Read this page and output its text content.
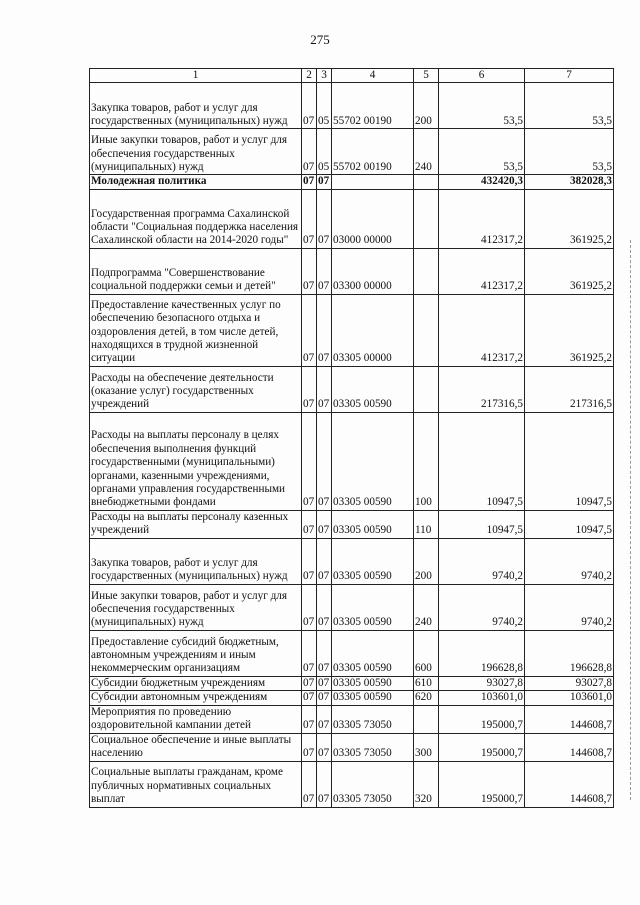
275
1	2	3	4	5	6	7
Закупка товаров, работ и услуг для государственных (муниципальных) нужд	07	05	55702 00190	200	53,5	53,5
Иные закупки товаров, работ и услуг для обеспечения государственных (муниципальных) нужд	07	05	55702 00190	240	53,5	53,5
Молодежная политика	07	07			432420,3	382028,3
Государственная программа Сахалинской области "Социальная поддержка населения Сахалинской области на 2014-2020 годы"	07	07	03000 00000		412317,2	361925,2
Подпрограмма "Совершенствование социальной поддержки семьи и детей"	07	07	03300 00000		412317,2	361925,2
Предоставление качественных услуг по обеспечению безопасного отдыха и оздоровления детей, в том числе детей, находящихся в трудной жизненной ситуации	07	07	03305 00000		412317,2	361925,2
Расходы на обеспечение деятельности (оказание услуг) государственных учреждений	07	07	03305 00590		217316,5	217316,5
Расходы на выплаты персоналу в целях обеспечения выполнения функций государственными (муниципальными) органами, казенными учреждениями, органами управления государственными внебюджетными фондами	07	07	03305 00590	100	10947,5	10947,5
Расходы на выплаты персоналу казенных учреждений	07	07	03305 00590	110	10947,5	10947,5
Закупка товаров, работ и услуг для государственных (муниципальных) нужд	07	07	03305 00590	200	9740,2	9740,2
Иные закупки товаров, работ и услуг для обеспечения государственных (муниципальных) нужд	07	07	03305 00590	240	9740,2	9740,2
Предоставление субсидий бюджетным, автономным учреждениям и иным некоммерческим организациям	07	07	03305 00590	600	196628,8	196628,8
Субсидии бюджетным учреждениям	07	07	03305 00590	610	93027,8	93027,8
Субсидии автономным учреждениям	07	07	03305 00590	620	103601,0	103601,0
Мероприятия по проведению оздоровительной кампании детей	07	07	03305 73050		195000,7	144608,7
Социальное обеспечение и иные выплаты населению	07	07	03305 73050	300	195000,7	144608,7
Социальные выплаты гражданам, кроме публичных нормативных социальных выплат	07	07	03305 73050	320	195000,7	144608,7
